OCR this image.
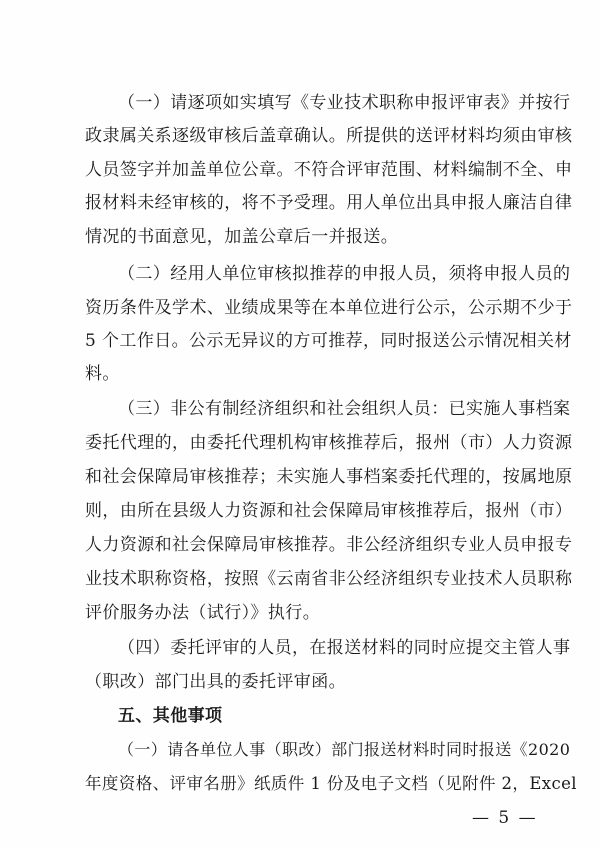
（一）请逐项如实填写《专业技术职称申报评审表》并按行
政 隶 属 关 系 逐 级 审 核 后 盖 章 确 认 。 所 提 供 的 送 评 材 料 均 须 由 审 核
人 员 签 字 并 加 盖 单 位 公 章 。 不 符 合 评 审 范 围 、 材 料 编 制 不 全 、 申
报 材 料 未 经 审 核 的 ， 将 不 予 受 理 。 用 人 单 位 出 具 申 报 人 廉 洁 自 律
情况的书面意见，加盖公章后一并报送。
（二）经用人单位审核拟推荐的申报人员，须将申报人员的
资 历 条 件 及 学 术 、 业 绩 成 果 等 在 本 单 位 进 行 公 示 ， 公 示 期 不 少 于
5 个工作日。公示无异议的方可推荐，同时报送公示情况相关材
料。
（三）非公有制经济组织和社会组织人员：已实施人事档案
委 托 代 理 的 ， 由 委 托 代 理 机 构 审 核 推 荐 后 ， 报 州 （ 市 ） 人 力 资 源
和 社 会 保 障 局 审 核 推 荐 ； 未 实 施 人 事 档 案 委 托 代 理 的 ， 按 属 地 原
则 ， 由 所 在 县 级 人 力 资 源 和 社 会 保 障 局 审 核 推 荐 后 ， 报 州 （ 市 ）
人 力 资 源 和 社 会 保 障 局 审 核 推 荐 。 非 公 经 济 组 织 专 业 人 员 申 报 专
业 技 术 职 称 资 格 ， 按 照 《 云 南 省 非 公 经 济 组 织 专 业 技 术 人 员 职 称
评价服务办法（试行）》执行。
（四）委托评审的人员，在报送材料的同时应提交主管人事
（职改）部门出具的委托评审函。
五、其他事项
（一）请各单位人事（职改）部门报送材料时同时报送《2020
年度资格、评审名册》纸质件 1 份及电子文档（见附件 2，Excel
— 5 —
